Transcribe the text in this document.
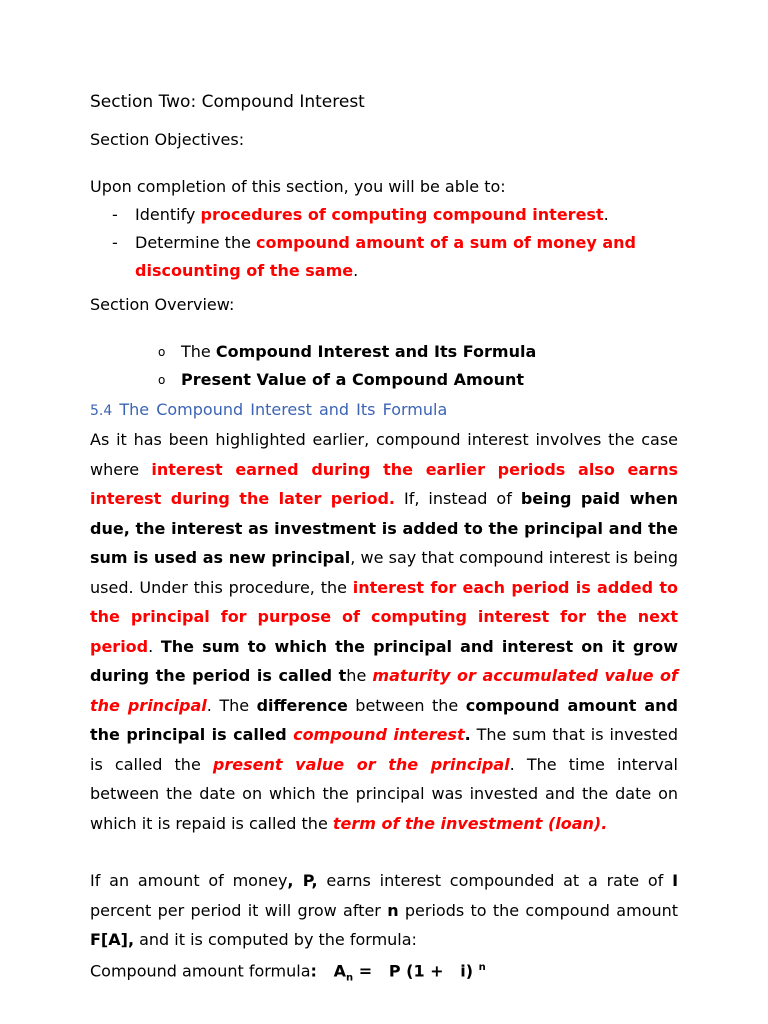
Section Two: Compound Interest
Section Objectives:
Upon completion of this section, you will be able to:
- Identify procedures of computing compound interest.
- Determine the compound amount of a sum of money and
discounting of the same.
Section Overview:
o The Compound Interest and Its Formula
o Present Value of a Compound Amount
5.4 The Compound Interest and Its Formula
As it has been highlighted earlier, compound interest involves the case where interest earned during the earlier periods also earns interest during the later period. If, instead of being paid when due, the interest as investment is added to the principal and the sum is used as new principal, we say that compound interest is being used. Under this procedure, the interest for each period is added to the principal for purpose of computing interest for the next period. The sum to which the principal and interest on it grow during the period is called the maturity or accumulated value of the principal. The difference between the compound amount and the principal is called compound interest. The sum that is invested is called the present value or the principal. The time interval between the date on which the principal was invested and the date on which it is repaid is called the term of the investment (loan).
If an amount of money, P, earns interest compounded at a rate of I percent per period it will grow after n periods to the compound amount F[A], and it is computed by the formula:
Compound amount formula: $A_n = P$ (1 +   i) $^n$
